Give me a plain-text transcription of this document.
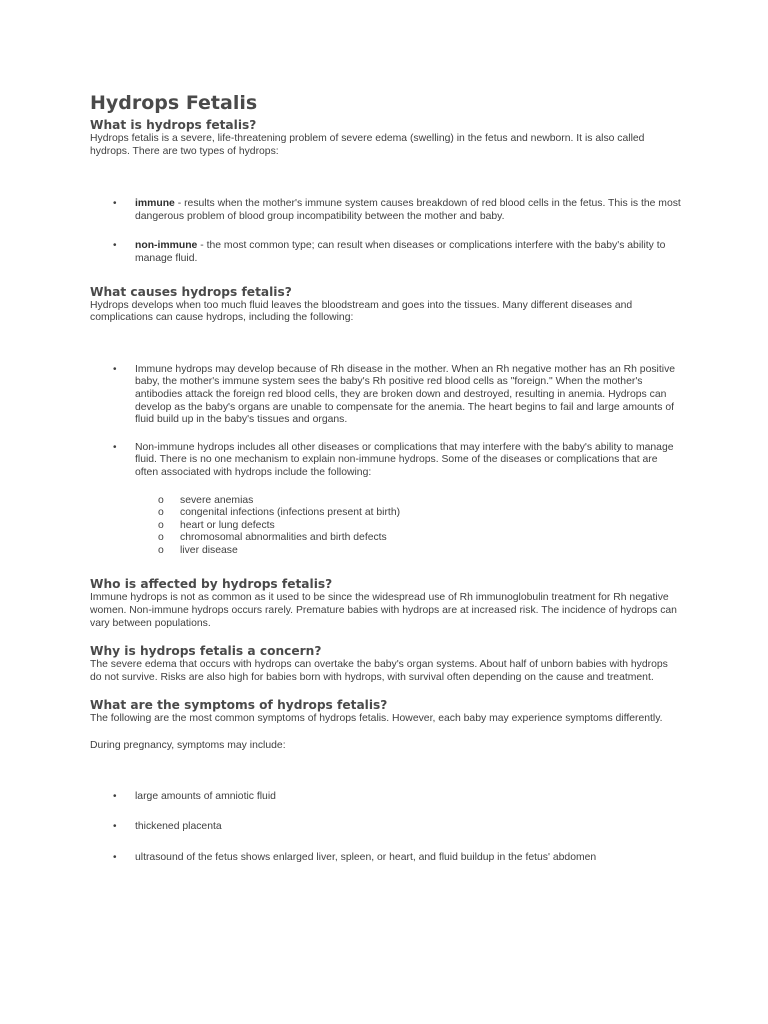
Hydrops Fetalis
What is hydrops fetalis?

Hydrops fetalis is a severe, life-threatening problem of severe edema (swelling) in the fetus and newborn. It is also called hydrops. There are two types of hydrops:

• immune - results when the mother's immune system causes breakdown of red blood cells in the fetus. This is the most dangerous problem of blood group incompatibility between the mother and baby.
• non-immune - the most common type; can result when diseases or complications interfere with the baby's ability to manage fluid.
What causes hydrops fetalis?

Hydrops develops when too much fluid leaves the bloodstream and goes into the tissues. Many different diseases and complications can cause hydrops, including the following:

• Immune hydrops may develop because of Rh disease in the mother. When an Rh negative mother has an Rh positive baby, the mother's immune system sees the baby's Rh positive red blood cells as "foreign." When the mother's antibodies attack the foreign red blood cells, they are broken down and destroyed, resulting in anemia. Hydrops can develop as the baby's organs are unable to compensate for the anemia. The heart begins to fail and large amounts of fluid build up in the baby's tissues and organs.
• Non-immune hydrops includes all other diseases or complications that may interfere with the baby's ability to manage fluid. There is no one mechanism to explain non-immune hydrops. Some of the diseases or complications that are often associated with hydrops include the following:
o severe anemias
o congenital infections (infections present at birth)
o heart or lung defects
o chromosomal abnormalities and birth defects
o liver disease
Who is affected by hydrops fetalis?

Immune hydrops is not as common as it used to be since the widespread use of Rh immunoglobulin treatment for Rh negative women. Non-immune hydrops occurs rarely. Premature babies with hydrops are at increased risk. The incidence of hydrops can vary between populations.

Why is hydrops fetalis a concern?

The severe edema that occurs with hydrops can overtake the baby's organ systems. About half of unborn babies with hydrops do not survive. Risks are also high for babies born with hydrops, with survival often depending on the cause and treatment.

What are the symptoms of hydrops fetalis?

The following are the most common symptoms of hydrops fetalis. However, each baby may experience symptoms differently.

During pregnancy, symptoms may include:

• large amounts of amniotic fluid
• thickened placenta
• ultrasound of the fetus shows enlarged liver, spleen, or heart, and fluid buildup in the fetus' abdomen
